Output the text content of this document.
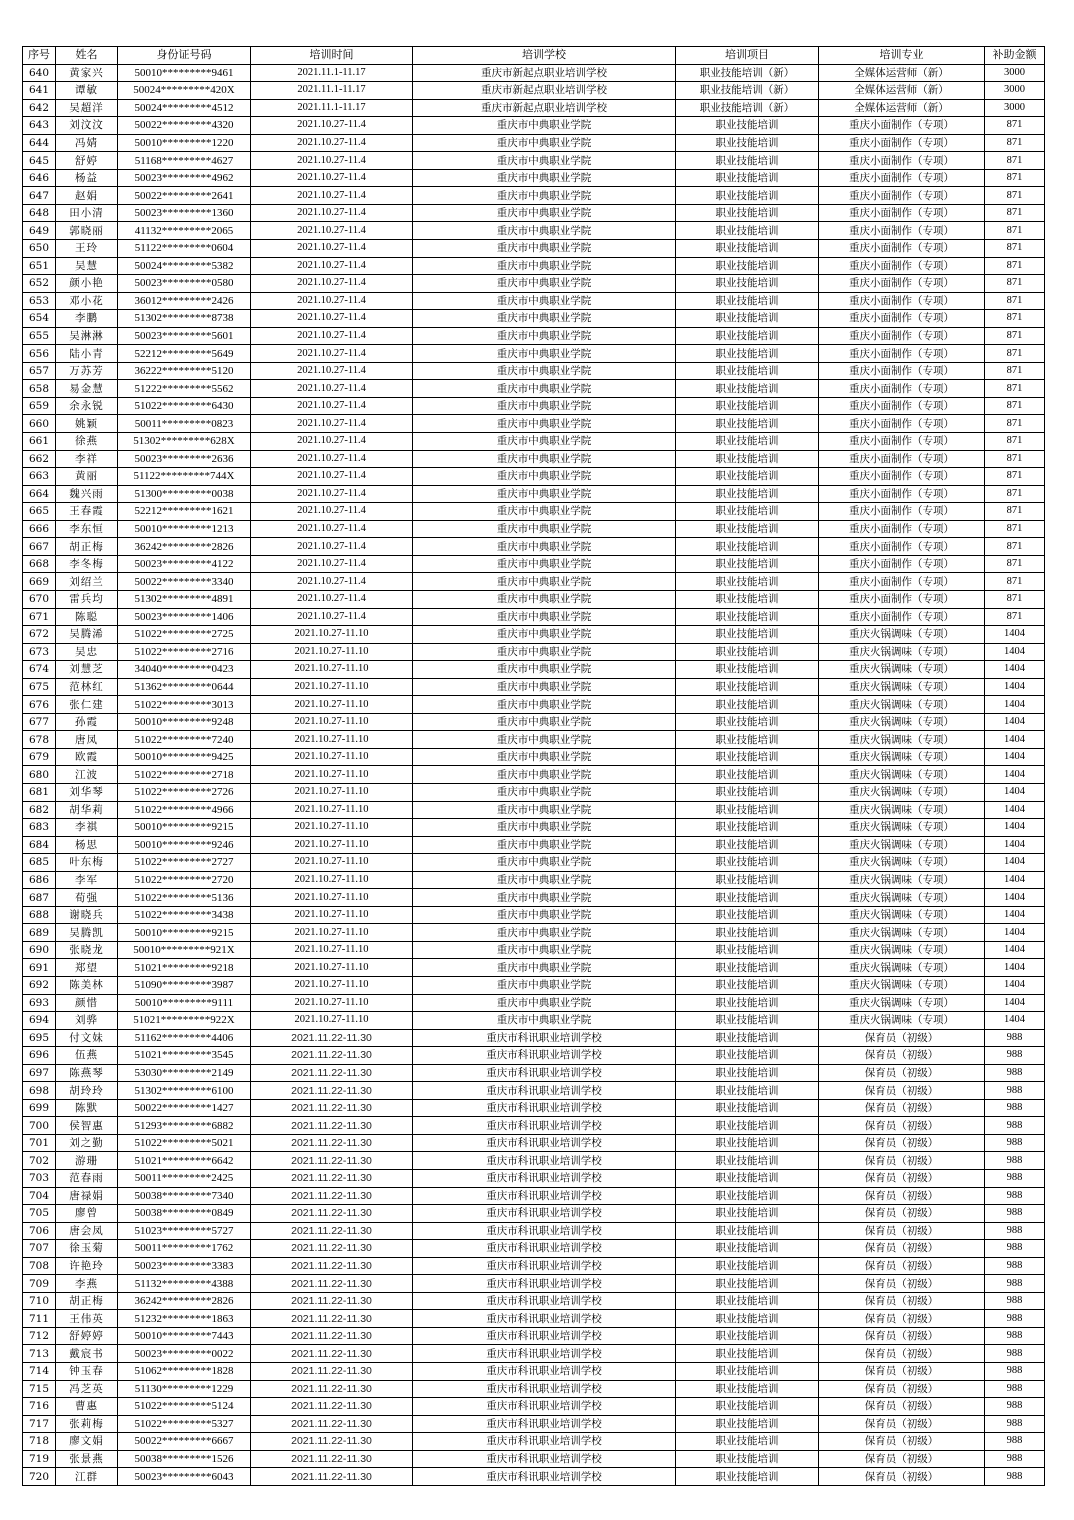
序号	姓名	身份证号码	培训时间	培训学校	培训项目	培训专业	补助金额
640	黄家兴	50010*********9461	2021.11.1-11.17	重庆市新起点职业培训学校	职业技能培训（新）	全媒体运营师（新）	3000
641	谭敏	50024*********420X	2021.11.1-11.17	重庆市新起点职业培训学校	职业技能培训（新）	全媒体运营师（新）	3000
642	吴超洋	50024*********4512	2021.11.1-11.17	重庆市新起点职业培训学校	职业技能培训（新）	全媒体运营师（新）	3000
643	刘汶汶	50022*********4320	2021.10.27-11.4	重庆市中典职业学院	职业技能培训	重庆小面制作（专项）	871
644	冯婧	50010*********1220	2021.10.27-11.4	重庆市中典职业学院	职业技能培训	重庆小面制作（专项）	871
645	舒婷	51168*********4627	2021.10.27-11.4	重庆市中典职业学院	职业技能培训	重庆小面制作（专项）	871
646	杨益	50023*********4962	2021.10.27-11.4	重庆市中典职业学院	职业技能培训	重庆小面制作（专项）	871
647	赵娟	50022*********2641	2021.10.27-11.4	重庆市中典职业学院	职业技能培训	重庆小面制作（专项）	871
648	田小清	50023*********1360	2021.10.27-11.4	重庆市中典职业学院	职业技能培训	重庆小面制作（专项）	871
649	郭晓丽	41132*********2065	2021.10.27-11.4	重庆市中典职业学院	职业技能培训	重庆小面制作（专项）	871
650	王玲	51122*********0604	2021.10.27-11.4	重庆市中典职业学院	职业技能培训	重庆小面制作（专项）	871
651	吴慧	50024*********5382	2021.10.27-11.4	重庆市中典职业学院	职业技能培训	重庆小面制作（专项）	871
652	颜小艳	50023*********0580	2021.10.27-11.4	重庆市中典职业学院	职业技能培训	重庆小面制作（专项）	871
653	邓小花	36012*********2426	2021.10.27-11.4	重庆市中典职业学院	职业技能培训	重庆小面制作（专项）	871
654	李鹏	51302*********8738	2021.10.27-11.4	重庆市中典职业学院	职业技能培训	重庆小面制作（专项）	871
655	吴淋淋	50023*********5601	2021.10.27-11.4	重庆市中典职业学院	职业技能培训	重庆小面制作（专项）	871
656	陆小青	52212*********5649	2021.10.27-11.4	重庆市中典职业学院	职业技能培训	重庆小面制作（专项）	871
657	万苏芳	36222*********5120	2021.10.27-11.4	重庆市中典职业学院	职业技能培训	重庆小面制作（专项）	871
658	易金慧	51222*********5562	2021.10.27-11.4	重庆市中典职业学院	职业技能培训	重庆小面制作（专项）	871
659	余永锐	51022*********6430	2021.10.27-11.4	重庆市中典职业学院	职业技能培训	重庆小面制作（专项）	871
660	姚颖	50011*********0823	2021.10.27-11.4	重庆市中典职业学院	职业技能培训	重庆小面制作（专项）	871
661	徐燕	51302*********628X	2021.10.27-11.4	重庆市中典职业学院	职业技能培训	重庆小面制作（专项）	871
662	李祥	50023*********2636	2021.10.27-11.4	重庆市中典职业学院	职业技能培训	重庆小面制作（专项）	871
663	黄丽	51122*********744X	2021.10.27-11.4	重庆市中典职业学院	职业技能培训	重庆小面制作（专项）	871
664	魏兴雨	51300*********0038	2021.10.27-11.4	重庆市中典职业学院	职业技能培训	重庆小面制作（专项）	871
665	王春霞	52212*********1621	2021.10.27-11.4	重庆市中典职业学院	职业技能培训	重庆小面制作（专项）	871
666	李东恒	50010*********1213	2021.10.27-11.4	重庆市中典职业学院	职业技能培训	重庆小面制作（专项）	871
667	胡正梅	36242*********2826	2021.10.27-11.4	重庆市中典职业学院	职业技能培训	重庆小面制作（专项）	871
668	李冬梅	50023*********4122	2021.10.27-11.4	重庆市中典职业学院	职业技能培训	重庆小面制作（专项）	871
669	刘绍兰	50022*********3340	2021.10.27-11.4	重庆市中典职业学院	职业技能培训	重庆小面制作（专项）	871
670	雷兵均	51302*********4891	2021.10.27-11.4	重庆市中典职业学院	职业技能培训	重庆小面制作（专项）	871
671	陈聪	50023*********1406	2021.10.27-11.4	重庆市中典职业学院	职业技能培训	重庆小面制作（专项）	871
672	吴腾浠	51022*********2725	2021.10.27-11.10	重庆市中典职业学院	职业技能培训	重庆火锅调味（专项）	1404
673	吴忠	51022*********2716	2021.10.27-11.10	重庆市中典职业学院	职业技能培训	重庆火锅调味（专项）	1404
674	刘慧芝	34040*********0423	2021.10.27-11.10	重庆市中典职业学院	职业技能培训	重庆火锅调味（专项）	1404
675	范林红	51362*********0644	2021.10.27-11.10	重庆市中典职业学院	职业技能培训	重庆火锅调味（专项）	1404
676	张仁建	51022*********3013	2021.10.27-11.10	重庆市中典职业学院	职业技能培训	重庆火锅调味（专项）	1404
677	孙霞	50010*********9248	2021.10.27-11.10	重庆市中典职业学院	职业技能培训	重庆火锅调味（专项）	1404
678	唐凤	51022*********7240	2021.10.27-11.10	重庆市中典职业学院	职业技能培训	重庆火锅调味（专项）	1404
679	欧霞	50010*********9425	2021.10.27-11.10	重庆市中典职业学院	职业技能培训	重庆火锅调味（专项）	1404
680	江波	51022*********2718	2021.10.27-11.10	重庆市中典职业学院	职业技能培训	重庆火锅调味（专项）	1404
681	刘华琴	51022*********2726	2021.10.27-11.10	重庆市中典职业学院	职业技能培训	重庆火锅调味（专项）	1404
682	胡华莉	51022*********4966	2021.10.27-11.10	重庆市中典职业学院	职业技能培训	重庆火锅调味（专项）	1404
683	李祺	50010*********9215	2021.10.27-11.10	重庆市中典职业学院	职业技能培训	重庆火锅调味（专项）	1404
684	杨思	50010*********9246	2021.10.27-11.10	重庆市中典职业学院	职业技能培训	重庆火锅调味（专项）	1404
685	叶东梅	51022*********2727	2021.10.27-11.10	重庆市中典职业学院	职业技能培训	重庆火锅调味（专项）	1404
686	李军	51022*********2720	2021.10.27-11.10	重庆市中典职业学院	职业技能培训	重庆火锅调味（专项）	1404
687	荀强	51022*********5136	2021.10.27-11.10	重庆市中典职业学院	职业技能培训	重庆火锅调味（专项）	1404
688	谢晓兵	51022*********3438	2021.10.27-11.10	重庆市中典职业学院	职业技能培训	重庆火锅调味（专项）	1404
689	吴腾凯	50010*********9215	2021.10.27-11.10	重庆市中典职业学院	职业技能培训	重庆火锅调味（专项）	1404
690	张晓龙	50010*********921X	2021.10.27-11.10	重庆市中典职业学院	职业技能培训	重庆火锅调味（专项）	1404
691	郑望	51021*********9218	2021.10.27-11.10	重庆市中典职业学院	职业技能培训	重庆火锅调味（专项）	1404
692	陈美林	51090*********3987	2021.10.27-11.10	重庆市中典职业学院	职业技能培训	重庆火锅调味（专项）	1404
693	颜惜	50010*********9111	2021.10.27-11.10	重庆市中典职业学院	职业技能培训	重庆火锅调味（专项）	1404
694	刘骅	51021*********922X	2021.10.27-11.10	重庆市中典职业学院	职业技能培训	重庆火锅调味（专项）	1404
695	付文妹	51162*********4406	2021.11.22-11.30	重庆市科讯职业培训学校	职业技能培训	保育员（初级）	988
696	伍燕	51021*********3545	2021.11.22-11.30	重庆市科讯职业培训学校	职业技能培训	保育员（初级）	988
697	陈燕琴	53030*********2149	2021.11.22-11.30	重庆市科讯职业培训学校	职业技能培训	保育员（初级）	988
698	胡玲玲	51302*********6100	2021.11.22-11.30	重庆市科讯职业培训学校	职业技能培训	保育员（初级）	988
699	陈默	50022*********1427	2021.11.22-11.30	重庆市科讯职业培训学校	职业技能培训	保育员（初级）	988
700	侯智惠	51293*********6882	2021.11.22-11.30	重庆市科讯职业培训学校	职业技能培训	保育员（初级）	988
701	刘之勤	51022*********5021	2021.11.22-11.30	重庆市科讯职业培训学校	职业技能培训	保育员（初级）	988
702	游珊	51021*********6642	2021.11.22-11.30	重庆市科讯职业培训学校	职业技能培训	保育员（初级）	988
703	范春雨	50011*********2425	2021.11.22-11.30	重庆市科讯职业培训学校	职业技能培训	保育员（初级）	988
704	唐禄娟	50038*********7340	2021.11.22-11.30	重庆市科讯职业培训学校	职业技能培训	保育员（初级）	988
705	廖曾	50038*********0849	2021.11.22-11.30	重庆市科讯职业培训学校	职业技能培训	保育员（初级）	988
706	唐会凤	51023*********5727	2021.11.22-11.30	重庆市科讯职业培训学校	职业技能培训	保育员（初级）	988
707	徐玉菊	50011*********1762	2021.11.22-11.30	重庆市科讯职业培训学校	职业技能培训	保育员（初级）	988
708	许艳玲	50023*********3383	2021.11.22-11.30	重庆市科讯职业培训学校	职业技能培训	保育员（初级）	988
709	李燕	51132*********4388	2021.11.22-11.30	重庆市科讯职业培训学校	职业技能培训	保育员（初级）	988
710	胡正梅	36242*********2826	2021.11.22-11.30	重庆市科讯职业培训学校	职业技能培训	保育员（初级）	988
711	王伟英	51232*********1863	2021.11.22-11.30	重庆市科讯职业培训学校	职业技能培训	保育员（初级）	988
712	舒婷婷	50010*********7443	2021.11.22-11.30	重庆市科讯职业培训学校	职业技能培训	保育员（初级）	988
713	戴宸书	50023*********0022	2021.11.22-11.30	重庆市科讯职业培训学校	职业技能培训	保育员（初级）	988
714	钟玉春	51062*********1828	2021.11.22-11.30	重庆市科讯职业培训学校	职业技能培训	保育员（初级）	988
715	冯芝英	51130*********1229	2021.11.22-11.30	重庆市科讯职业培训学校	职业技能培训	保育员（初级）	988
716	曹惠	51022*********5124	2021.11.22-11.30	重庆市科讯职业培训学校	职业技能培训	保育员（初级）	988
717	张莉梅	51022*********5327	2021.11.22-11.30	重庆市科讯职业培训学校	职业技能培训	保育员（初级）	988
718	廖文娟	50022*********6667	2021.11.22-11.30	重庆市科讯职业培训学校	职业技能培训	保育员（初级）	988
719	张景燕	50038*********1526	2021.11.22-11.30	重庆市科讯职业培训学校	职业技能培训	保育员（初级）	988
720	江群	50023*********6043	2021.11.22-11.30	重庆市科讯职业培训学校	职业技能培训	保育员（初级）	988
